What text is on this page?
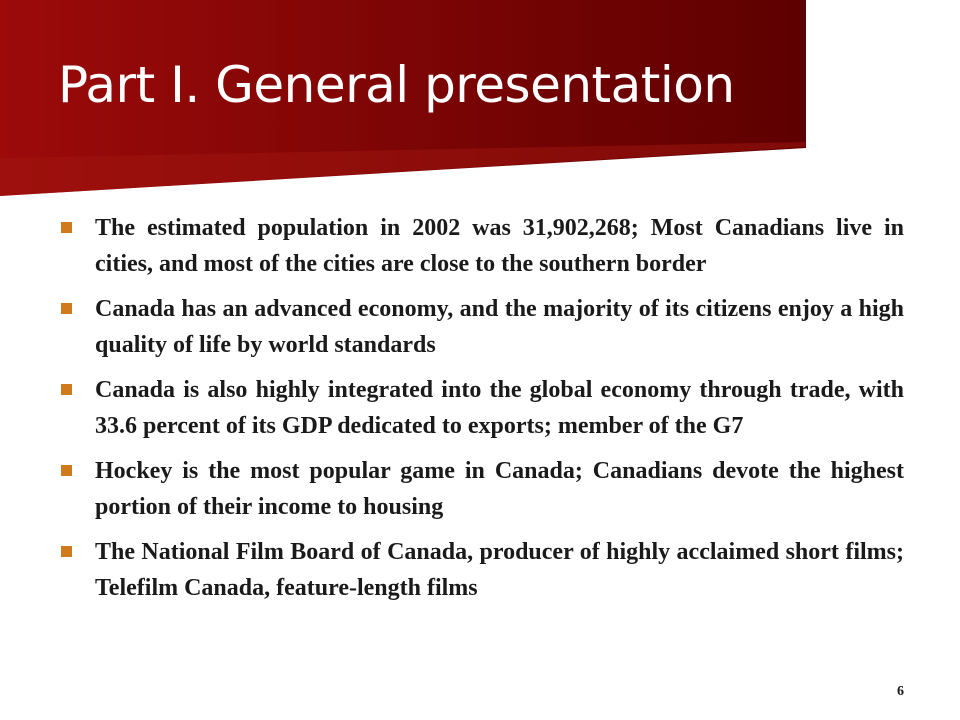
Part I. General presentation
The estimated population in 2002 was 31,902,268; Most Canadians live in cities, and most of the cities are close to the southern border
Canada has an advanced economy, and the majority of its citizens enjoy a high quality of life by world standards
Canada is also highly integrated into the global economy through trade, with 33.6 percent of its GDP dedicated to exports; member of the G7
Hockey is the most popular game in Canada; Canadians devote the highest portion of their income to housing
The National Film Board of Canada, producer of highly acclaimed short films; Telefilm Canada, feature-length films
6
